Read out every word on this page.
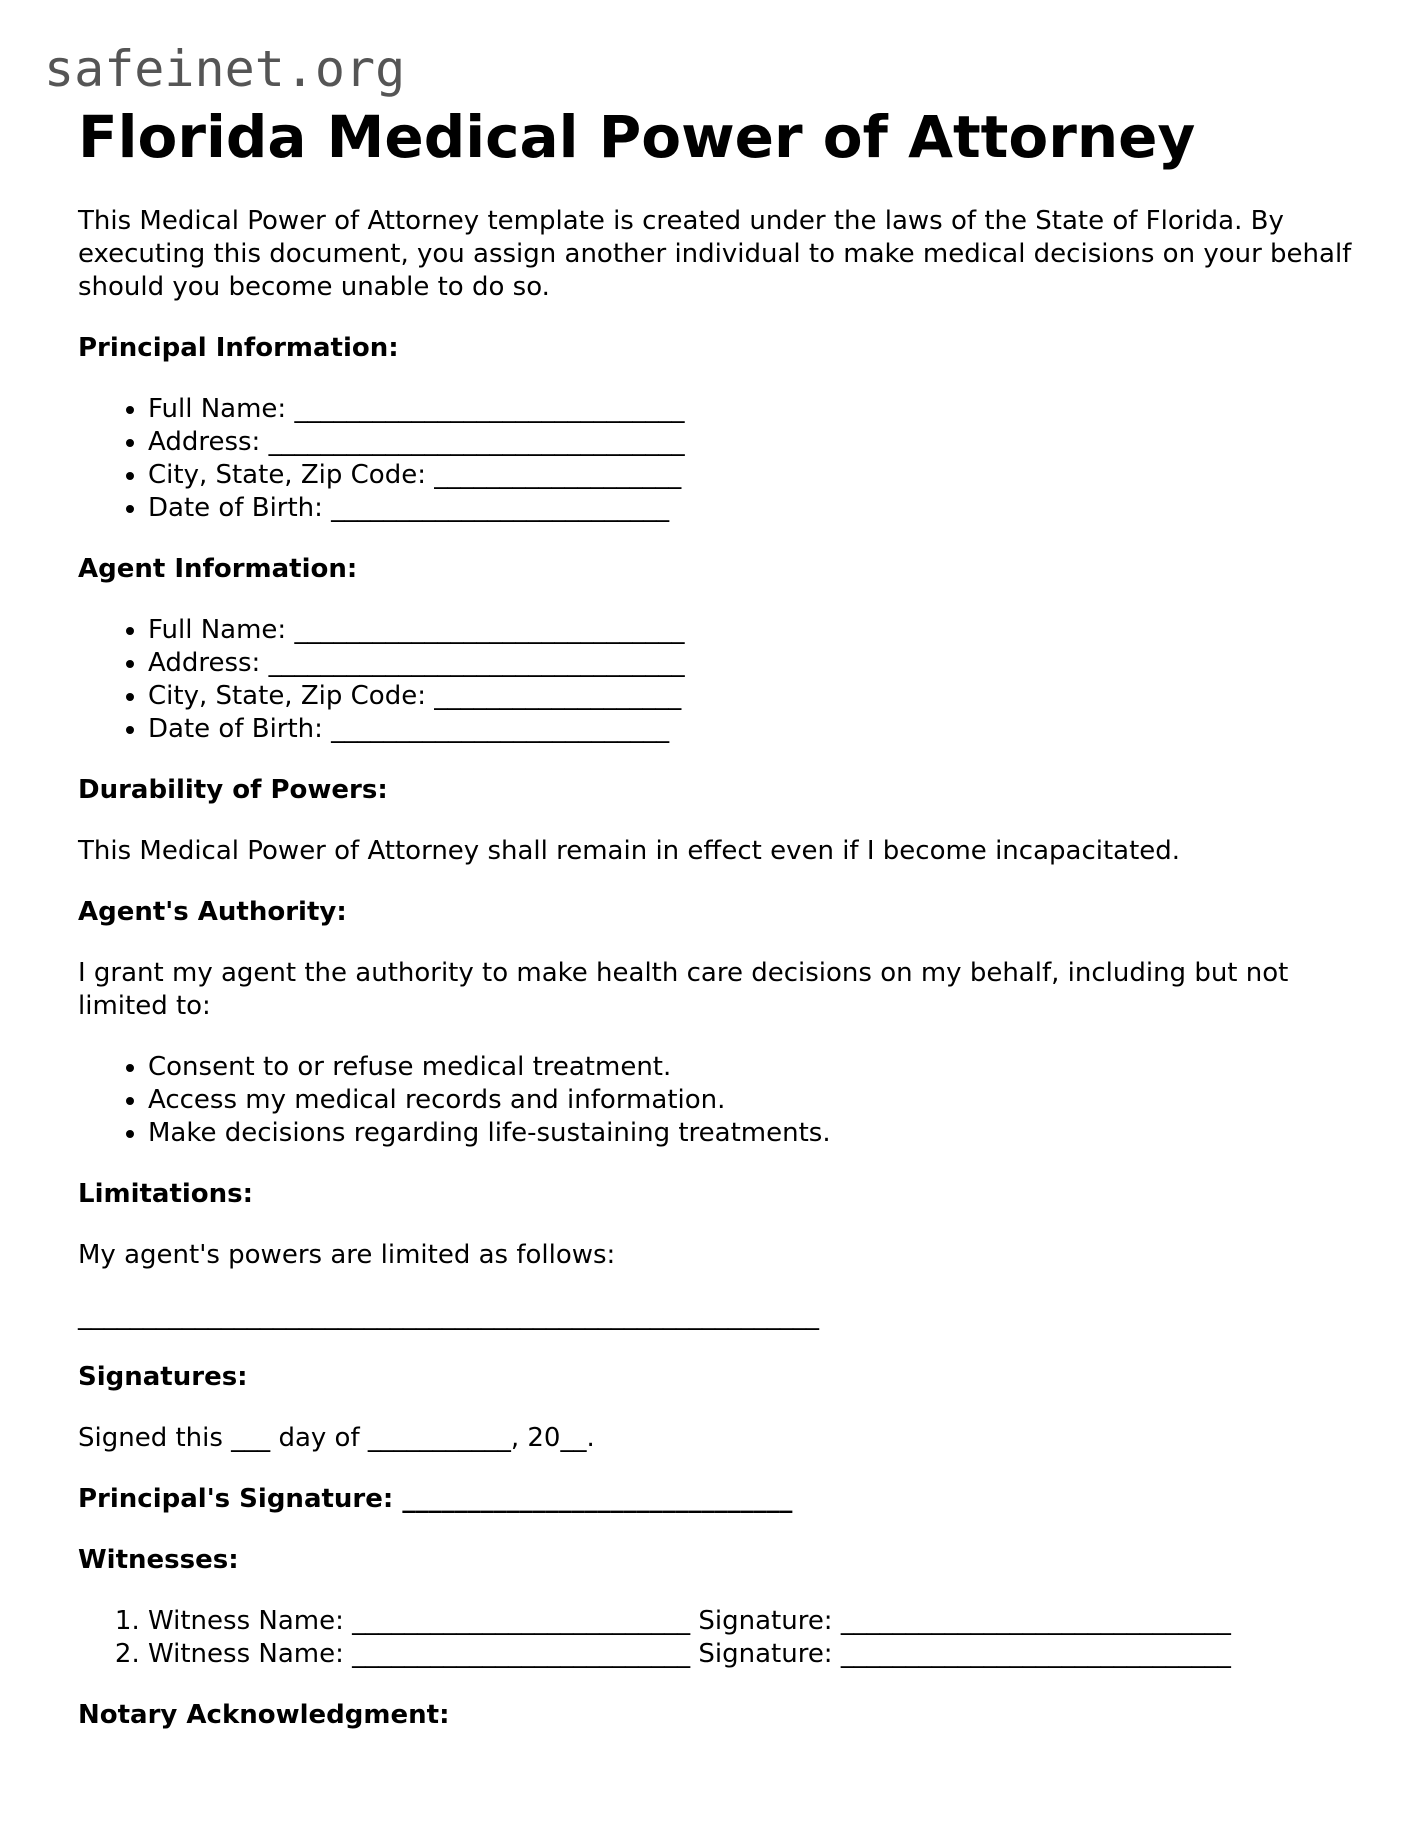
safeinet.org
Florida Medical Power of Attorney

This Medical Power of Attorney template is created under the laws of the State of Florida. By executing this document, you assign another individual to make medical decisions on your behalf should you become unable to do so.

Principal Information:

• Full Name: ______________________________
• Address: ________________________________
• City, State, Zip Code: ___________________
• Date of Birth: __________________________

Agent Information:

• Full Name: ______________________________
• Address: ________________________________
• City, State, Zip Code: ___________________
• Date of Birth: __________________________

Durability of Powers:

This Medical Power of Attorney shall remain in effect even if I become incapacitated.

Agent's Authority:

I grant my agent the authority to make health care decisions on my behalf, including but not limited to:

• Consent to or refuse medical treatment.
• Access my medical records and information.
• Make decisions regarding life-sustaining treatments.

Limitations:

My agent's powers are limited as follows:

_________________________________________________________

Signatures:

Signed this ___ day of ___________, 20__.

Principal's Signature: ______________________________

Witnesses:

1. Witness Name: __________________________ Signature: ______________________________
2. Witness Name: __________________________ Signature: ______________________________

Notary Acknowledgment:
